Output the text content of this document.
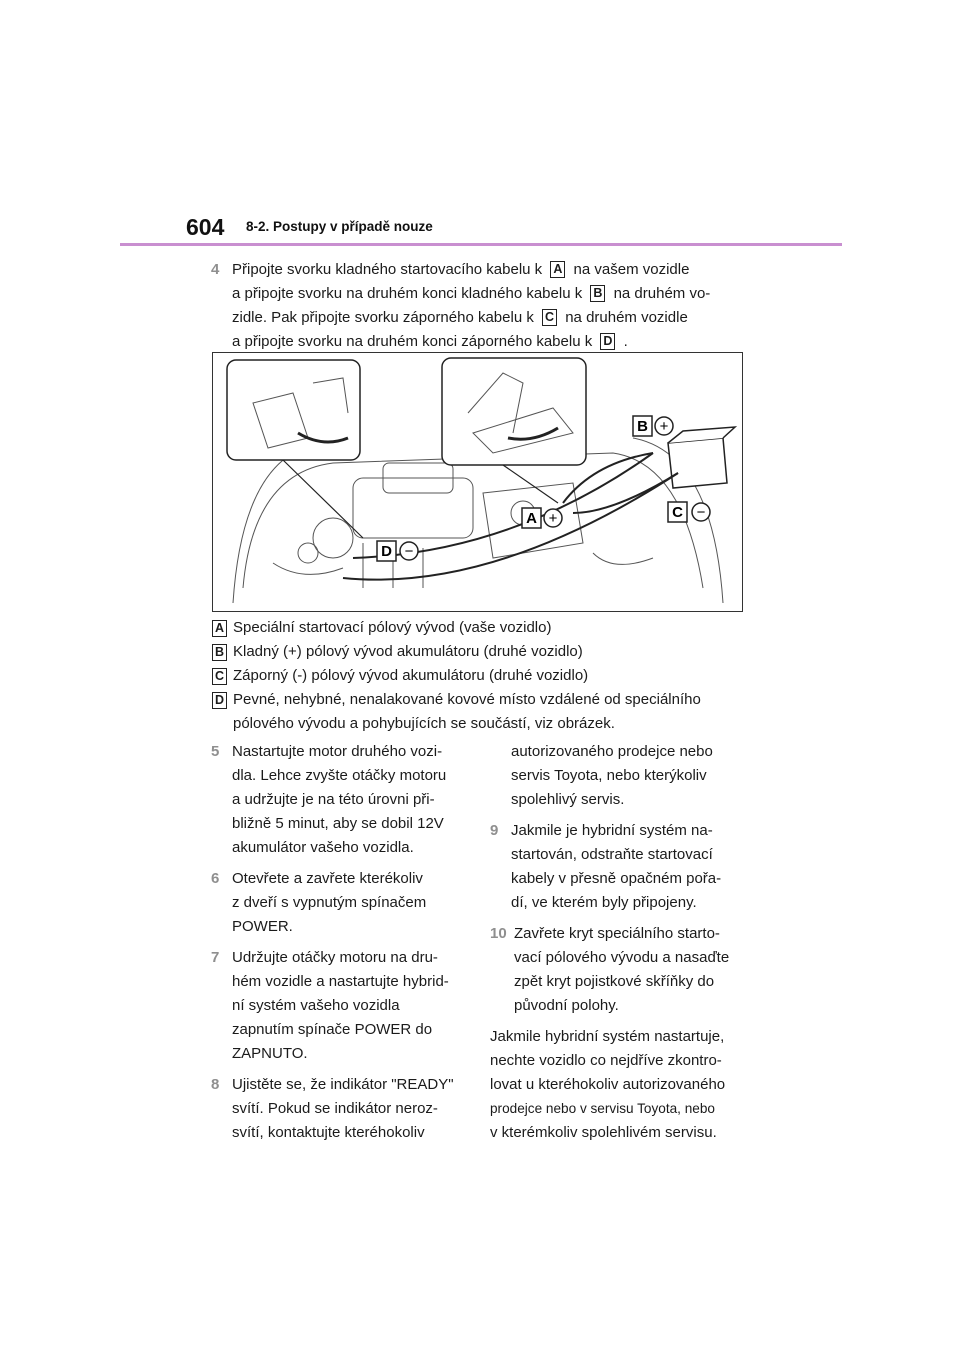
604 8-2. Postupy v případě nouze
4 Připojte svorku kladného startovacího kabelu k A na vašem vozidle
a připojte svorku na druhém konci kladného kabelu k B na druhém vo-
zidle. Pak připojte svorku záporného kabelu k C na druhém vozidle
a připojte svorku na druhém konci záporného kabelu k D .
B +
C −
A +
D −
A Speciální startovací pólový vývod (vaše vozidlo)
B Kladný (+) pólový vývod akumulátoru (druhé vozidlo)
C Záporný (-) pólový vývod akumulátoru (druhé vozidlo)
D Pevné, nehybné, nenalakované kovové místo vzdálené od speciálního
pólového vývodu a pohybujících se součástí, viz obrázek.
5 Nastartujte motor druhého vozi-
dla. Lehce zvyšte otáčky motoru
a udržujte je na této úrovni při-
bližně 5 minut, aby se dobil 12V
akumulátor vašeho vozidla.
6 Otevřete a zavřete kterékoliv
z dveří s vypnutým spínačem
POWER.
7 Udržujte otáčky motoru na dru-
hém vozidle a nastartujte hybrid-
ní systém vašeho vozidla
zapnutím spínače POWER do
ZAPNUTO.
8 Ujistěte se, že indikátor "READY"
svítí. Pokud se indikátor neroz-
svítí, kontaktujte kteréhokoliv
autorizovaného prodejce nebo
servis Toyota, nebo kterýkoliv
spolehlivý servis.
9 Jakmile je hybridní systém na-
startován, odstraňte startovací
kabely v přesně opačném pořa-
dí, ve kterém byly připojeny.
10 Zavřete kryt speciálního starto-
vací pólového vývodu a nasaďte
zpět kryt pojistkové skříňky do
původní polohy.
Jakmile hybridní systém nastartuje,
nechte vozidlo co nejdříve zkontro-
lovat u kteréhokoliv autorizovaného
prodejce nebo v servisu Toyota, nebo
v kterémkoliv spolehlivém servisu.
